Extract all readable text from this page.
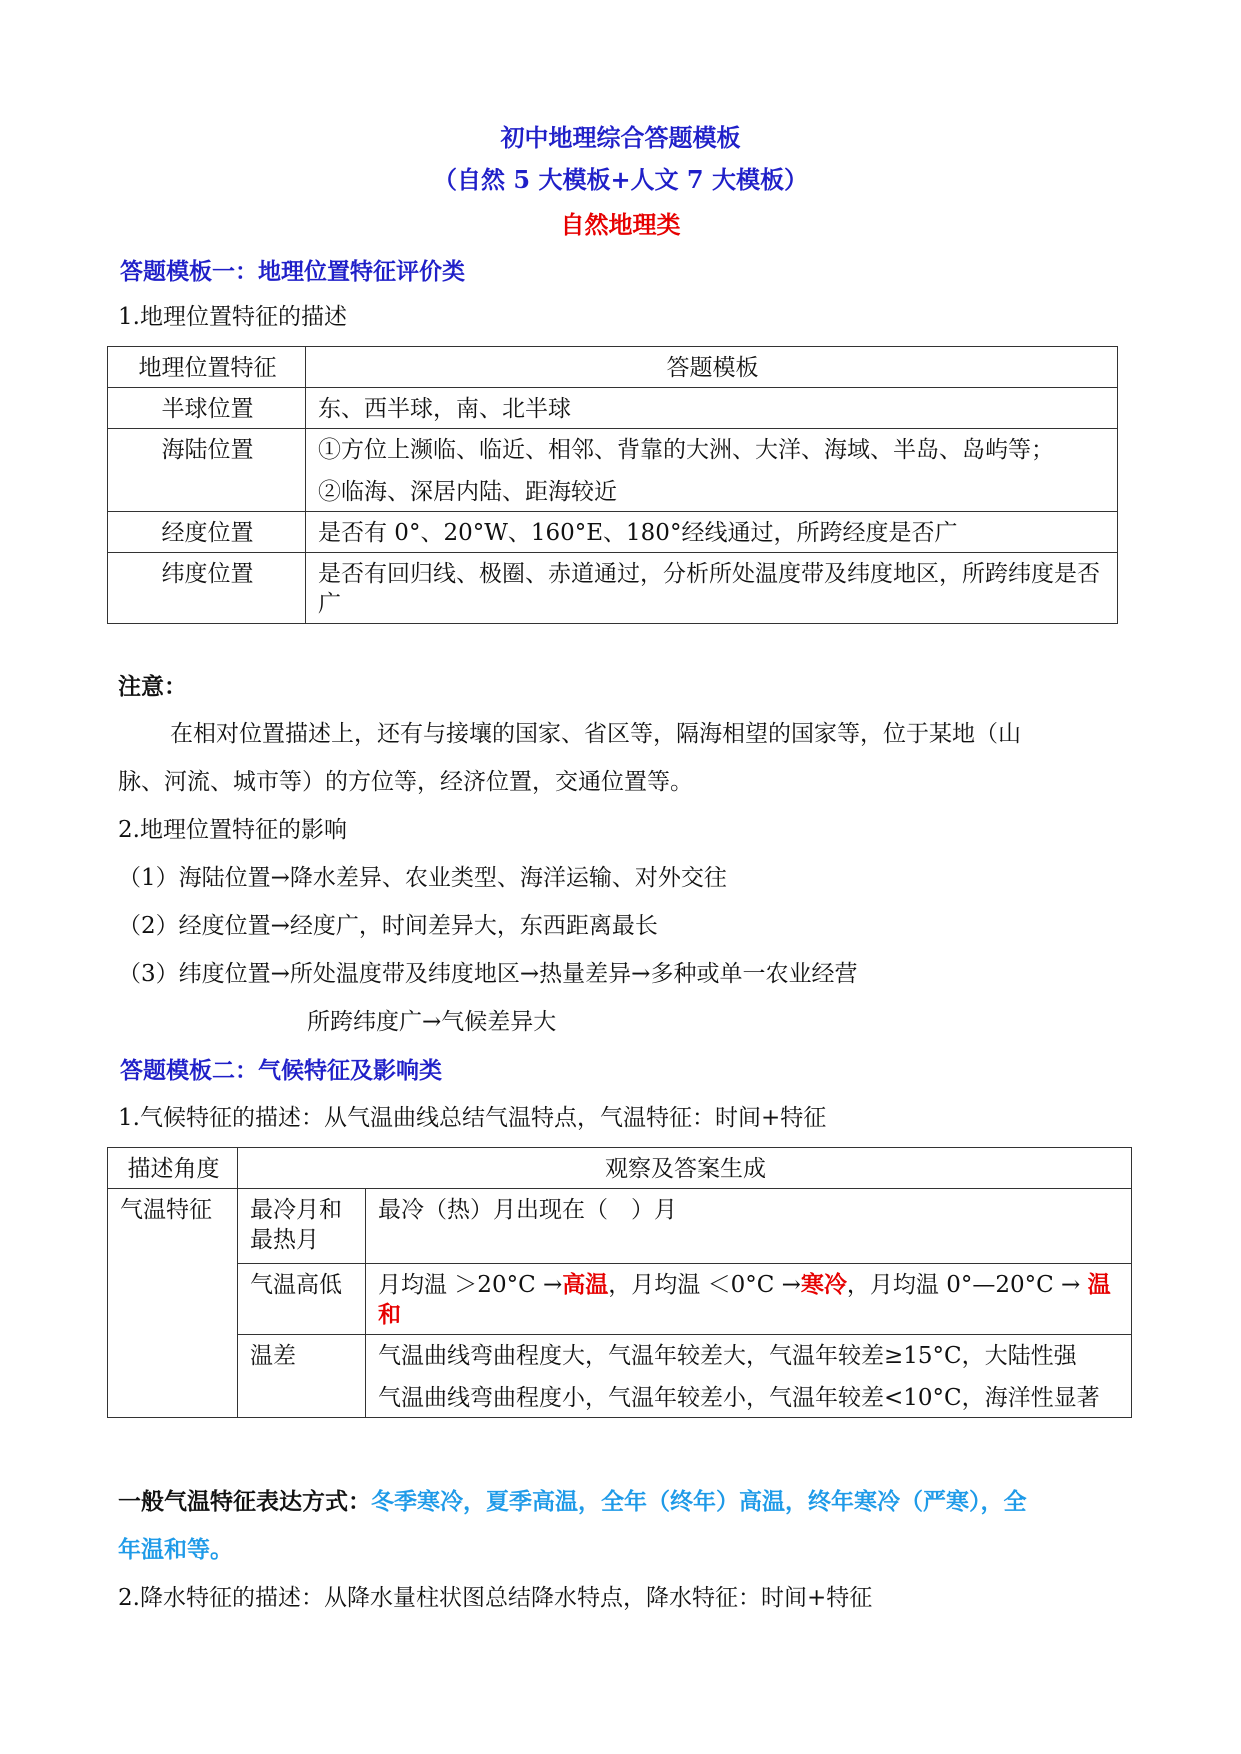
初中地理综合答题模板
（自然 5 大模板+人文 7 大模板）
自然地理类
答题模板一：地理位置特征评价类
1.地理位置特征的描述
地理位置特征	答题模板
半球位置	东、西半球，南、北半球

海陆位置	①方位上濒临、临近、相邻、背靠的大洲、大洋、海域、半岛、岛屿等；

②临海、深居内陆、距海较近

经度位置	是否有 0°、20°W、160°E、180°经线通过，所跨经度是否广

纬度位置	是否有回归线、极圈、赤道通过，分析所处温度带及纬度地区，所跨纬度是否广

注意：
在相对位置描述上，还有与接壤的国家、省区等，隔海相望的国家等，位于某地（山
脉、河流、城市等）的方位等，经济位置，交通位置等。
2.地理位置特征的影响
（1）海陆位置→降水差异、农业类型、海洋运输、对外交往
（2）经度位置→经度广，时间差异大，东西距离最长
（3）纬度位置→所处温度带及纬度地区→热量差异→多种或单一农业经营
所跨纬度广→气候差异大
答题模板二：气候特征及影响类
1.气候特征的描述：从气温曲线总结气温特点，气温特征：时间+特征
描述角度	观察及答案生成	
气温特征	最冷月和最热月	最冷（热）月出现在（　）月
	气温高低	月均温 ＞20°C →高温，月均温 ＜0°C →寒冷，月均温 0°—20°C → 温和
	温差	气温曲线弯曲程度大，气温年较差大，气温年较差≥15°C，大陆性强

气温曲线弯曲程度小，气温年较差小，气温年较差<10°C，海洋性显著

一般气温特征表达方式：冬季寒冷，夏季高温，全年（终年）高温，终年寒冷（严寒），全
年温和等。
2.降水特征的描述：从降水量柱状图总结降水特点，降水特征：时间+特征
